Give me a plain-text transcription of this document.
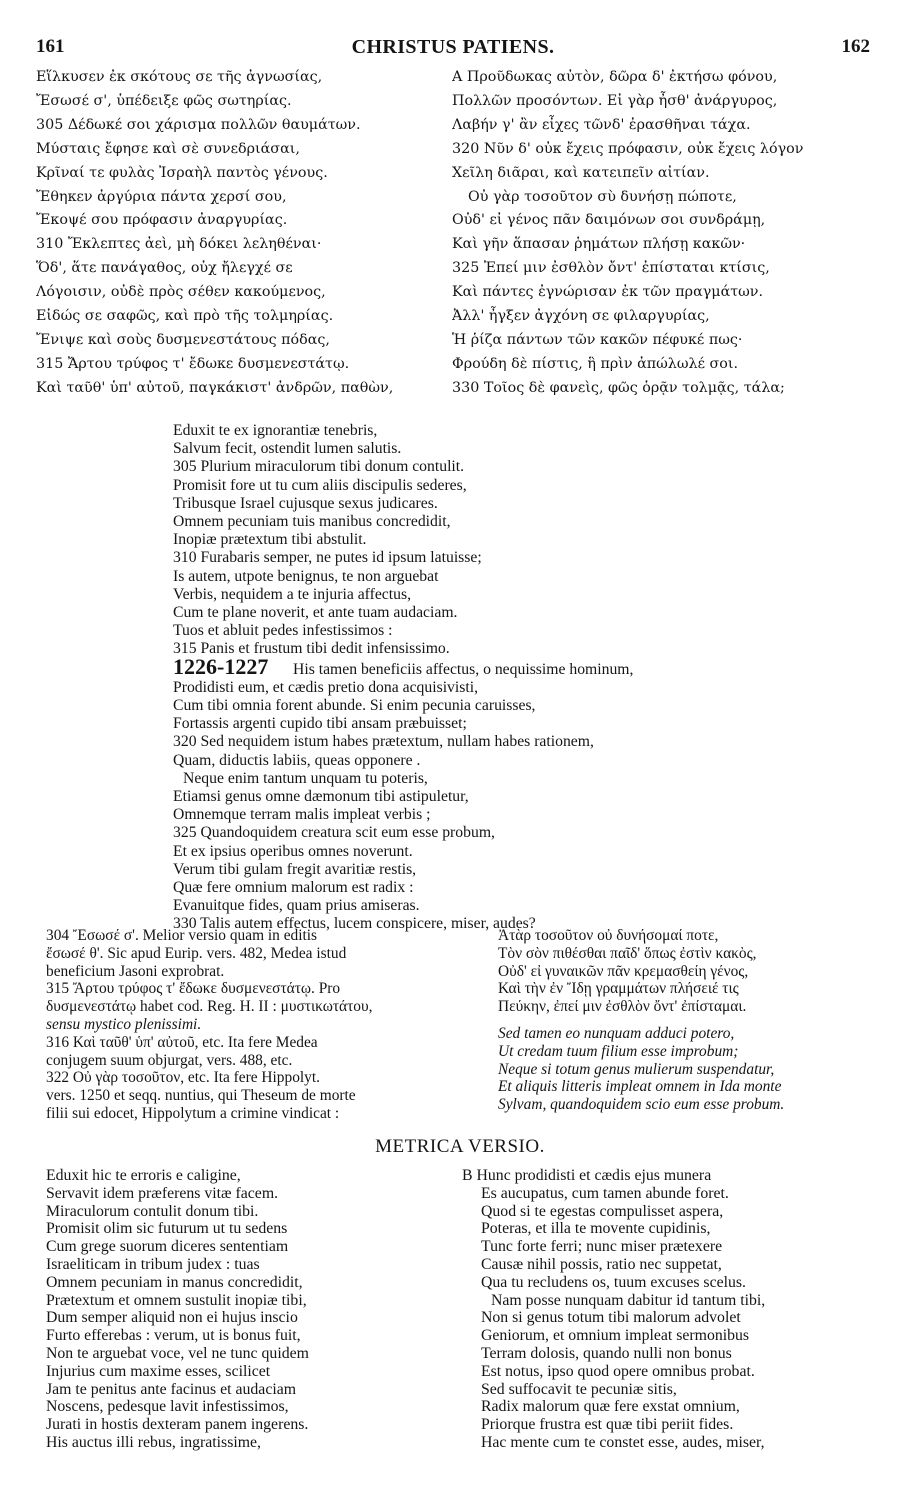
161	CHRISTUS PATIENS.	162
Εἵλκυσεν ἐκ σκότους σε τῆς ἀγνωσίας,
Ἔσωσέ σ', ὑπέδειξε φῶς σωτηρίας.
305 Δέδωκέ σοι χάρισμα πολλῶν θαυμάτων.
Μύσταις ἔφησε καὶ σὲ συνεδριάσαι,
Κρῖναί τε φυλὰς Ἰσραὴλ παντὸς γένους.
Ἔθηκεν ἀργύρια πάντα χερσί σου,
Ἔκοψέ σου πρόφασιν ἀναργυρίας.
310 Ἔκλεπτες ἀεὶ, μὴ δόκει λεληθέναι·
Ὅδ', ἅτε πανάγαθος, οὐχ ἤλεγχέ σε
Λόγοισιν, οὐδὲ πρὸς σέθεν κακούμενος,
Εἰδώς σε σαφῶς, καὶ πρὸ τῆς τολμηρίας.
Ἔνιψε καὶ σοὺς δυσμενεστάτους πόδας,
315 Ἄρτου τρύφος τ' ἔδωκε δυσμενεστάτῳ.
Καὶ ταῦθ' ὑπ' αὐτοῦ, παγκάκιστ' ἀνδρῶν, παθὼν,
A Προῦδωκας αὐτὸν, δῶρα δ' ἐκτήσω φόνου,
Πολλῶν προσόντων. Εἰ γὰρ ἦσθ' ἀνάργυρος,
Λαβήν γ' ἂν εἶχες τῶνδ' ἐρασθῆναι τάχα.
320 Νῦν δ' οὐκ ἔχεις πρόφασιν, οὐκ ἔχεις λόγον
Χεῖλη διᾶραι, καὶ κατειπεῖν αἰτίαν.
Οὐ γὰρ τοσοῦτον σὺ δυνήσῃ πώποτε,
Οὐδ' εἰ γένος πᾶν δαιμόνων σοι συνδράμῃ,
Καὶ γῆν ἅπασαν ῥημάτων πλήσῃ κακῶν·
325 Ἐπεί μιν ἐσθλὸν ὄντ' ἐπίσταται κτίσις,
Καὶ πάντες ἐγνώρισαν ἐκ τῶν πραγμάτων.
Ἀλλ' ἦγξεν ἀγχόνη σε φιλαργυρίας,
Ἡ ῥίζα πάντων τῶν κακῶν πέφυκέ πως·
Φρούδη δὲ πίστις, ἣ πρὶν ἀπώλωλέ σοι.
330 Τοῖος δὲ φανεὶς, φῶς ὁρᾷν τολμᾷς, τάλα;
Eduxit te ex ignorantiæ tenebris,
Salvum fecit, ostendit lumen salutis.
305 Plurium miraculorum tibi donum contulit.
Promisit fore ut tu cum aliis discipulis sederes,
Tribusque Israel cujusque sexus judicares.
Omnem pecuniam tuis manibus concredidit,
Inopiæ prætextum tibi abstulit.
310 Furabaris semper, ne putes id ipsum latuisse;
Is autem, utpote benignus, te non arguebat
Verbis, nequidem a te injuria affectus,
Cum te plane noverit, et ante tuam audaciam.
Tuos et abluit pedes infestissimos :
315 Panis et frustum tibi dedit infensissimo.
1226-1227 His tamen beneficiis affectus, o nequissime hominum,
Prodidisti eum, et cædis pretio dona acquisivisti,
Cum tibi omnia forent abunde. Si enim pecunia caruisses,
Fortassis argenti cupido tibi ansam præbuisset;
320 Sed nequidem istum habes prætextum, nullam habes rationem,
Quam, diductis labiis, queas opponere .
Neque enim tantum unquam tu poteris,
Etiamsi genus omne dæmonum tibi astipuletur,
Omnemque terram malis impleat verbis ;
325 Quandoquidem creatura scit eum esse probum,
Et ex ipsius operibus omnes noverunt.
Verum tibi gulam fregit avaritiæ restis,
Quæ fere omnium malorum est radix :
Evanuitque fides, quam prius amiseras.
330 Talis autem effectus, lucem conspicere, miser, audes?
304 Ἔσωσέ σ'. Melior versio quam in editis
ἔσωσέ θ'. Sic apud Eurip. vers. 482, Medea istud
beneficium Jasoni exprobrat.
315 Ἄρτου τρύφος τ' ἔδωκε δυσμενεστάτῳ. Pro
δυσμενεστάτῳ habet cod. Reg. H. II : μυστικωτάτου,
sensu mystico plenissimi.
316 Καὶ ταῦθ' ὑπ' αὐτοῦ, etc. Ita fere Medea
conjugem suum objurgat, vers. 488, etc.
322 Οὐ γὰρ τοσοῦτον, etc. Ita fere Hippolyt.
vers. 1250 et seqq. nuntius, qui Theseum de morte
filii sui edocet, Hippolytum a crimine vindicat :
Ἀτὰρ τοσοῦτον οὐ δυνήσομαί ποτε,
Τὸν σὸν πιθέσθαι παῖδ' ὅπως ἐστὶν κακὸς,
Οὐδ' εἰ γυναικῶν πᾶν κρεμασθείη γένος,
Καὶ τὴν ἐν Ἴδῃ γραμμάτων πλήσειέ τις
Πεύκην, ἐπεί μιν ἐσθλὸν ὄντ' ἐπίσταμαι.
Sed tamen eo nunquam adduci potero,
Ut credam tuum filium esse improbum;
Neque si totum genus mulierum suspendatur,
Et aliquis litteris impleat omnem in Ida monte
Sylvam, quandoquidem scio eum esse probum.
METRICA VERSIO.
Eduxit hic te erroris e caligine,
Servavit idem præferens vitæ facem.
Miraculorum contulit donum tibi.
Promisit olim sic futurum ut tu sedens
Cum grege suorum diceres sententiam
Israeliticam in tribum judex : tuas
Omnem pecuniam in manus concredidit,
Prætextum et omnem sustulit inopiæ tibi,
Dum semper aliquid non ei hujus inscio
Furto efferebas : verum, ut is bonus fuit,
Non te arguebat voce, vel ne tunc quidem
Injurius cum maxime esses, scilicet
Jam te penitus ante facinus et audaciam
Noscens, pedesque lavit infestissimos,
Jurati in hostis dexteram panem ingerens.
His auctus illi rebus, ingratissime,
B Hunc prodidisti et cædis ejus munera
Es aucupatus, cum tamen abunde foret.
Quod si te egestas compulisset aspera,
Poteras, et illa te movente cupidinis,
Tunc forte ferri; nunc miser prætexere
Causæ nihil possis, ratio nec suppetat,
Qua tu recludens os, tuum excuses scelus.
Nam posse nunquam dabitur id tantum tibi,
Non si genus totum tibi malorum advolet
Geniorum, et omnium impleat sermonibus
Terram dolosis, quando nulli non bonus
Est notus, ipso quod opere omnibus probat.
Sed suffocavit te pecuniæ sitis,
Radix malorum quæ fere exstat omnium,
Priorque frustra est quæ tibi periit fides.
Hac mente cum te constet esse, audes, miser,
